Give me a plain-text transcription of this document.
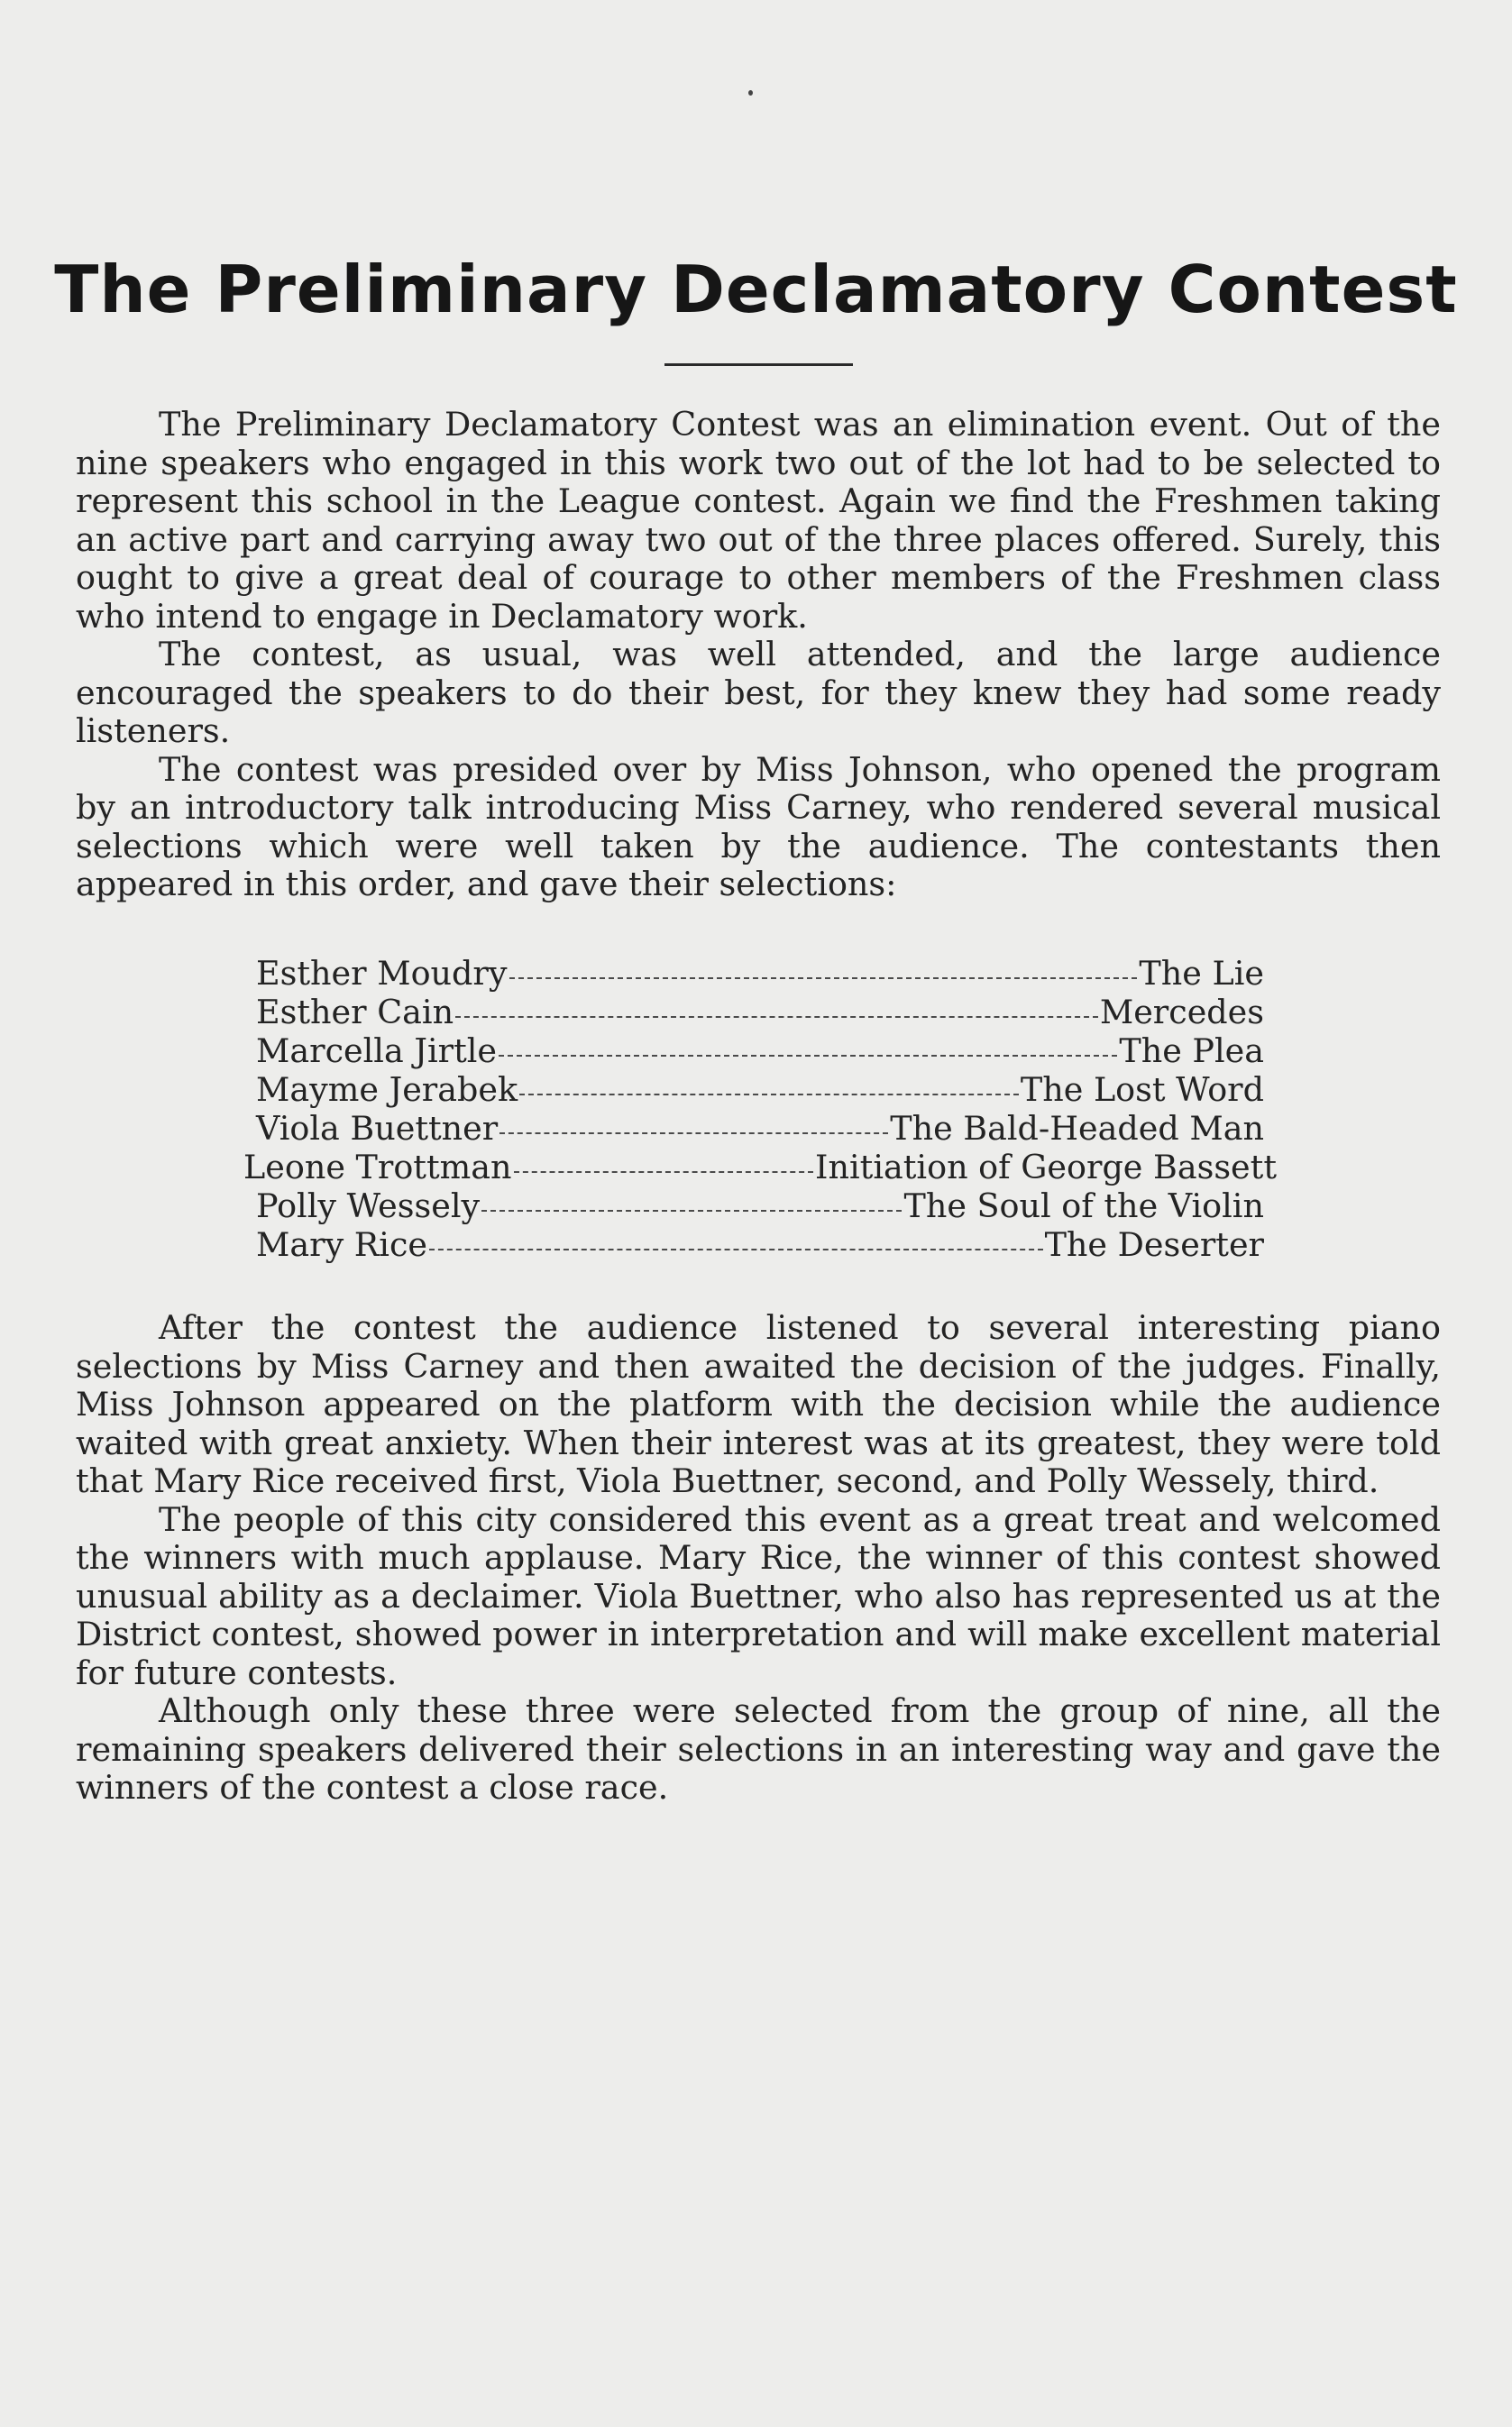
The Preliminary Declamatory Contest

The Preliminary Declamatory Contest was an elimination event. Out of the nine speakers who engaged in this work two out of the lot had to be selected to represent this school in the League contest. Again we find the Freshmen taking an active part and carrying away two out of the three places offered. Surely, this ought to give a great deal of courage to other members of the Freshmen class who intend to engage in Declamatory work.

The contest, as usual, was well attended, and the large audience encouraged the speakers to do their best, for they knew they had some ready listeners.

The contest was presided over by Miss Johnson, who opened the program by an introductory talk introducing Miss Carney, who rendered several musical selections which were well taken by the audience. The contestants then appeared in this order, and gave their selections:

Esther Moudry	The Lie
Esther Cain	Mercedes
Marcella Jirtle	The Plea
Mayme Jerabek	The Lost Word
Viola Buettner	The Bald-Headed Man
Leone Trottman	Initiation of George Bassett
Polly Wessely	The Soul of the Violin
Mary Rice	The Deserter

After the contest the audience listened to several interesting piano selections by Miss Carney and then awaited the decision of the judges. Finally, Miss Johnson appeared on the platform with the decision while the audience waited with great anxiety. When their interest was at its greatest, they were told that Mary Rice received first, Viola Buettner, second, and Polly Wessely, third.

The people of this city considered this event as a great treat and welcomed the winners with much applause. Mary Rice, the winner of this contest showed unusual ability as a declaimer. Viola Buettner, who also has represented us at the District contest, showed power in interpretation and will make excellent material for future contests.

Although only these three were selected from the group of nine, all the remaining speakers delivered their selections in an interesting way and gave the winners of the contest a close race.
